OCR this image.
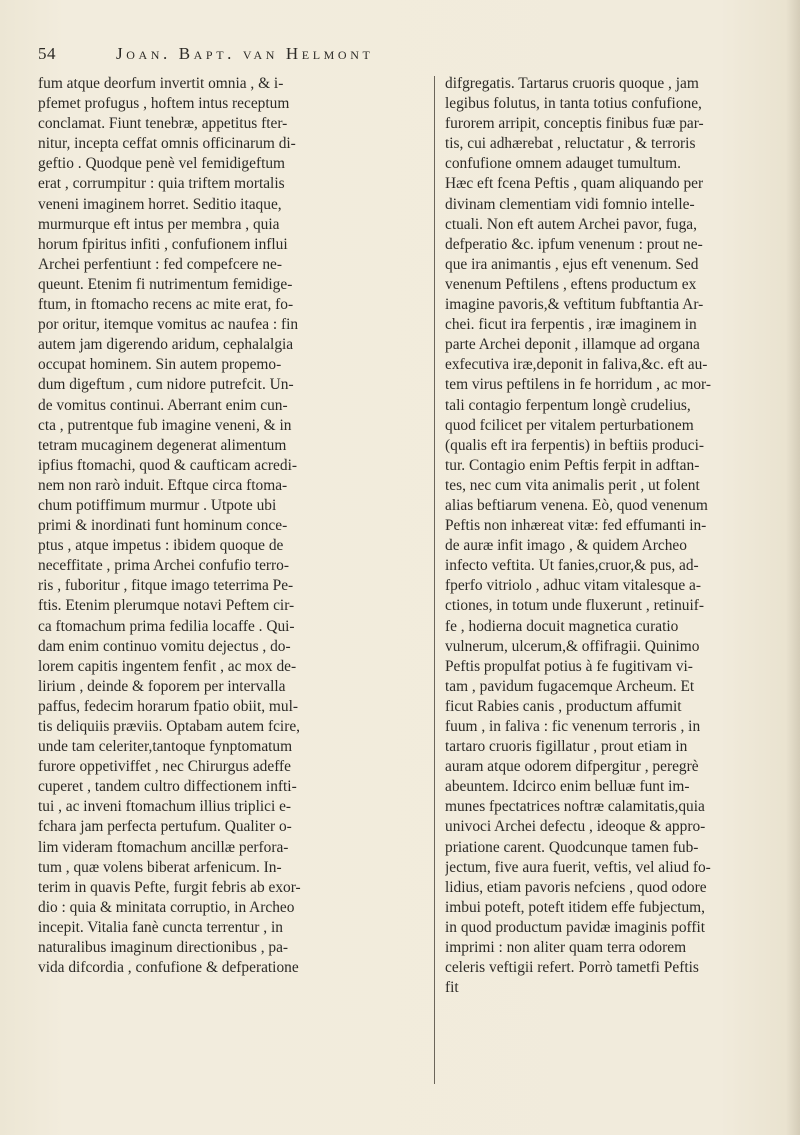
54	Joan. Bapt. van Helmont
fum atque deorfum invertit omnia , & i-
pfemet profugus , hoftem intus receptum
conclamat. Fiunt tenebræ, appetitus fter-
nitur, incepta ceffat omnis officinarum di-
geftio . Quodque penè vel femidigeftum
erat , corrumpitur : quia triftem mortalis
veneni imaginem horret. Seditio itaque,
murmurque eft intus per membra , quia
horum fpiritus infiti , confufionem influi
Archei perfentiunt : fed compefcere ne-
queunt. Etenim fi nutrimentum femidige-
ftum, in ftomacho recens ac mite erat, fo-
por oritur, itemque vomitus ac naufea : fin
autem jam digerendo aridum, cephalalgia
occupat hominem. Sin autem propemo-
dum digeftum , cum nidore putrefcit. Un-
de vomitus continui. Aberrant enim cun-
cta , putrentque fub imagine veneni, & in
tetram mucaginem degenerat alimentum
ipfius ftomachi, quod & caufticam acredi-
nem non rarò induit. Eftque circa ftoma-
chum potiffimum murmur . Utpote ubi
primi & inordinati funt hominum conce-
ptus , atque impetus : ibidem quoque de
neceffitate , prima Archei confufio terro-
ris , fuboritur , fitque imago teterrima Pe-
ftis. Etenim plerumque notavi Peftem cir-
ca ftomachum prima fedilia locaffe . Qui-
dam enim continuo vomitu dejectus , do-
lorem capitis ingentem fenfit , ac mox de-
lirium , deinde & foporem per intervalla
paffus, fedecim horarum fpatio obiit, mul-
tis deliquiis præviis. Optabam autem fcire,
unde tam celeriter,tantoque fynptomatum
furore oppetiviffet , nec Chirurgus adeffe
cuperet , tandem cultro diffectionem infti-
tui , ac inveni ftomachum illius triplici e-
fchara jam perfecta pertufum. Qualiter o-
lim videram ftomachum ancillæ perfora-
tum , quæ volens biberat arfenicum. In-
terim in quavis Pefte, furgit febris ab exor-
dio : quia & minitata corruptio, in Archeo
incepit. Vitalia fanè cuncta terrentur , in
naturalibus imaginum directionibus , pa-
vida difcordia , confufione & defperatione
difgregatis. Tartarus cruoris quoque , jam
legibus folutus, in tanta totius confufione,
furorem arripit, conceptis finibus fuæ par-
tis, cui adhærebat , reluctatur , & terroris
confufione omnem adauget tumultum.
Hæc eft fcena Peftis , quam aliquando per
divinam clementiam vidi fomnio intelle-
ctuali. Non eft autem Archei pavor, fuga,
defperatio &c. ipfum venenum : prout ne-
que ira animantis , ejus eft venenum. Sed
venenum Peftilens , eftens productum ex
imagine pavoris,& veftitum fubftantia Ar-
chei. ficut ira ferpentis , iræ imaginem in
parte Archei deponit , illamque ad organa
exfecutiva iræ,deponit in faliva,&c. eft au-
tem virus peftilens in fe horridum , ac mor-
tali contagio ferpentum longè crudelius,
quod fcilicet per vitalem perturbationem
(qualis eft ira ferpentis) in beftiis produci-
tur. Contagio enim Peftis ferpit in adftan-
tes, nec cum vita animalis perit , ut folent
alias beftiarum venena. Eò, quod venenum
Peftis non inhæreat vitæ: fed effumanti in-
de auræ infit imago , & quidem Archeo
infecto veftita. Ut fanies,cruor,& pus, ad-
fperfo vitriolo , adhuc vitam vitalesque a-
ctiones, in totum unde fluxerunt , retinuif-
fe , hodierna docuit magnetica curatio
vulnerum, ulcerum,& offifragii. Quinimo
Peftis propulfat potius à fe fugitivam vi-
tam , pavidum fugacemque Archeum. Et
ficut Rabies canis , productum affumit
fuum , in faliva : fic venenum terroris , in
tartaro cruoris figillatur , prout etiam in
auram atque odorem difpergitur , peregrè
abeuntem. Idcirco enim belluæ funt im-
munes fpectatrices noftræ calamitatis,quia
univoci Archei defectu , ideoque & appro-
priatione carent. Quodcunque tamen fub-
jectum, five aura fuerit, veftis, vel aliud fo-
lidius, etiam pavoris nefciens , quod odore
imbui poteft, poteft itidem effe fubjectum,
in quod productum pavidæ imaginis poffit
imprimi : non aliter quam terra odorem
celeris veftigii refert. Porrò tametfi Peftis
fit
